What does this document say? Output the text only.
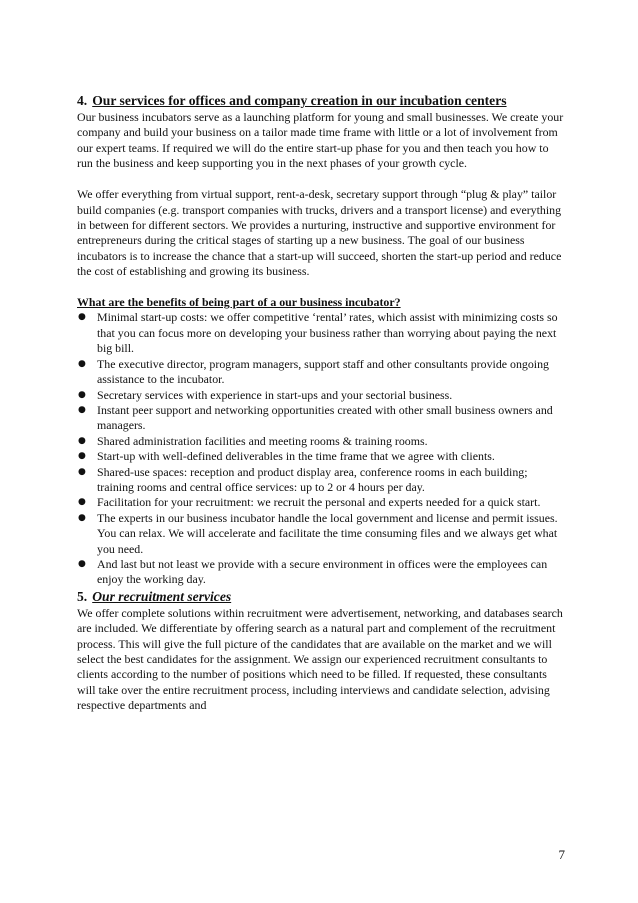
4. Our services for offices and company creation in our incubation centers

Our business incubators serve as a launching platform for young and small businesses. We create your company and build your business on a tailor made time frame with little or a lot of involvement from our expert teams. If required we will do the entire start-up phase for you and then teach you how to run the business and keep supporting you in the next phases of your growth cycle.

We offer everything from virtual support, rent-a-desk, secretary support through “plug & play” tailor build companies (e.g. transport companies with trucks, drivers and a transport license) and everything in between for different sectors. We provides a nurturing, instructive and supportive environment for entrepreneurs during the critical stages of starting up a new business. The goal of our business incubators is to increase the chance that a start-up will succeed, shorten the start-up period and reduce the cost of establishing and growing its business.

What are the benefits of being part of a our business incubator?
● Minimal start-up costs: we offer competitive ‘rental’ rates, which assist with minimizing costs so that you can focus more on developing your business rather than worrying about paying the next big bill.
● The executive director, program managers, support staff and other consultants provide ongoing assistance to the incubator.
● Secretary services with experience in start-ups and your sectorial business.
● Instant peer support and networking opportunities created with other small business owners and managers.
● Shared administration facilities and meeting rooms & training rooms.
● Start-up with well-defined deliverables in the time frame that we agree with clients.
● Shared-use spaces: reception and product display area, conference rooms in each building; training rooms and central office services: up to 2 or 4 hours per day.
● Facilitation for your recruitment: we recruit the personal and experts needed for a quick start.
● The experts in our business incubator handle the local government and license and permit issues. You can relax. We will accelerate and facilitate the time consuming files and we always get what you need.
● And last but not least we provide with a secure environment in offices were the employees can enjoy the working day.
5. Our recruitment services

We offer complete solutions within recruitment were advertisement, networking, and databases search are included. We differentiate by offering search as a natural part and complement of the recruitment process. This will give the full picture of the candidates that are available on the market and we will select the best candidates for the assignment. We assign our experienced recruitment consultants to clients according to the number of positions which need to be filled. If requested, these consultants will take over the entire recruitment process, including interviews and candidate selection, advising respective departments and

7
